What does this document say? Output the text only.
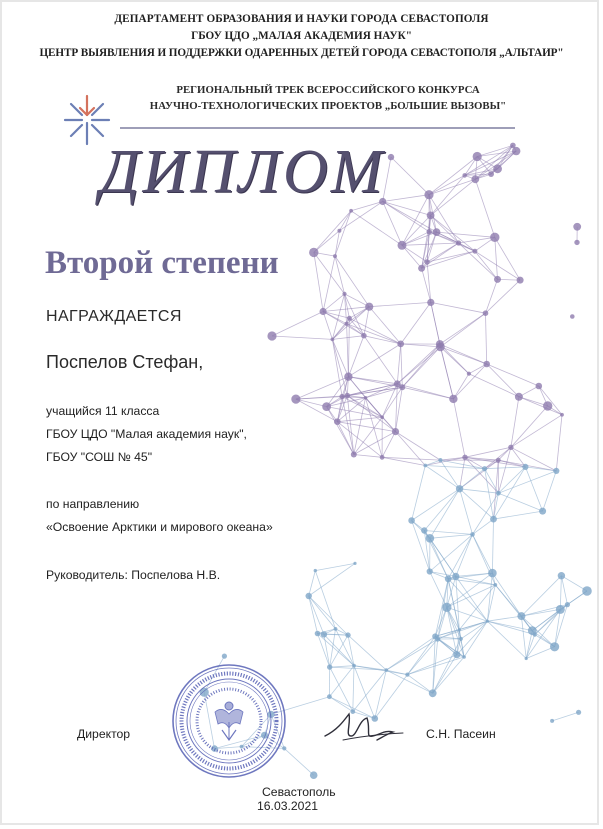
ДЕПАРТАМЕНТ ОБРАЗОВАНИЯ И НАУКИ ГОРОДА СЕВАСТОПОЛЯ
ГБОУ ЦДО „МАЛАЯ АКАДЕМИЯ НАУК"
ЦЕНТР ВЫЯВЛЕНИЯ И ПОДДЕРЖКИ ОДАРЕННЫХ ДЕТЕЙ ГОРОДА СЕВАСТОПОЛЯ „АЛЬТАИР"
РЕГИОНАЛЬНЫЙ ТРЕК ВСЕРОССИЙСКОГО КОНКУРСА
НАУЧНО-ТЕХНОЛОГИЧЕСКИХ ПРОЕКТОВ „БОЛЬШИЕ ВЫЗОВЫ"
ДИПЛОМ
Второй степени
НАГРАЖДАЕТСЯ
Поспелов Стефан,
учащийся 11 класса
ГБОУ ЦДО "Малая академия наук",
ГБОУ "СОШ № 45"
по направлению
«Освоение Арктики и мирового океана»
Руководитель: Поспелова Н.В.
Директор	С.Н. Пасеин
Севастополь
16.03.2021
